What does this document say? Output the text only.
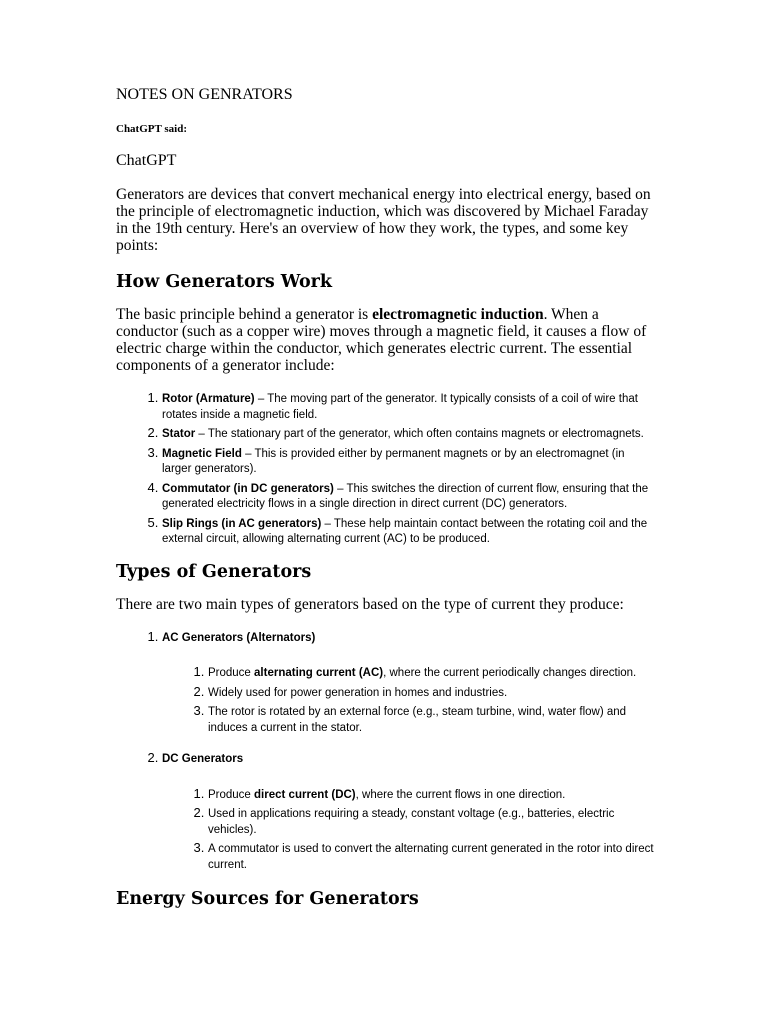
NOTES ON GENRATORS
ChatGPT said:
ChatGPT

Generators are devices that convert mechanical energy into electrical energy, based on the principle of electromagnetic induction, which was discovered by Michael Faraday in the 19th century. Here's an overview of how they work, the types, and some key points:

How Generators Work

The basic principle behind a generator is electromagnetic induction. When a conductor (such as a copper wire) moves through a magnetic field, it causes a flow of electric charge within the conductor, which generates electric current. The essential components of a generator include:

1. Rotor (Armature) – The moving part of the generator. It typically consists of a coil of wire that rotates inside a magnetic field.
2. Stator – The stationary part of the generator, which often contains magnets or electromagnets.
3. Magnetic Field – This is provided either by permanent magnets or by an electromagnet (in larger generators).
4. Commutator (in DC generators) – This switches the direction of current flow, ensuring that the generated electricity flows in a single direction in direct current (DC) generators.
5. Slip Rings (in AC generators) – These help maintain contact between the rotating coil and the external circuit, allowing alternating current (AC) to be produced.
Types of Generators

There are two main types of generators based on the type of current they produce:

1. AC Generators (Alternators)
1. Produce alternating current (AC), where the current periodically changes direction.
2. Widely used for power generation in homes and industries.
3. The rotor is rotated by an external force (e.g., steam turbine, wind, water flow) and induces a current in the stator.
2. DC Generators
1. Produce direct current (DC), where the current flows in one direction.
2. Used in applications requiring a steady, constant voltage (e.g., batteries, electric vehicles).
3. A commutator is used to convert the alternating current generated in the rotor into direct current.
Energy Sources for Generators
